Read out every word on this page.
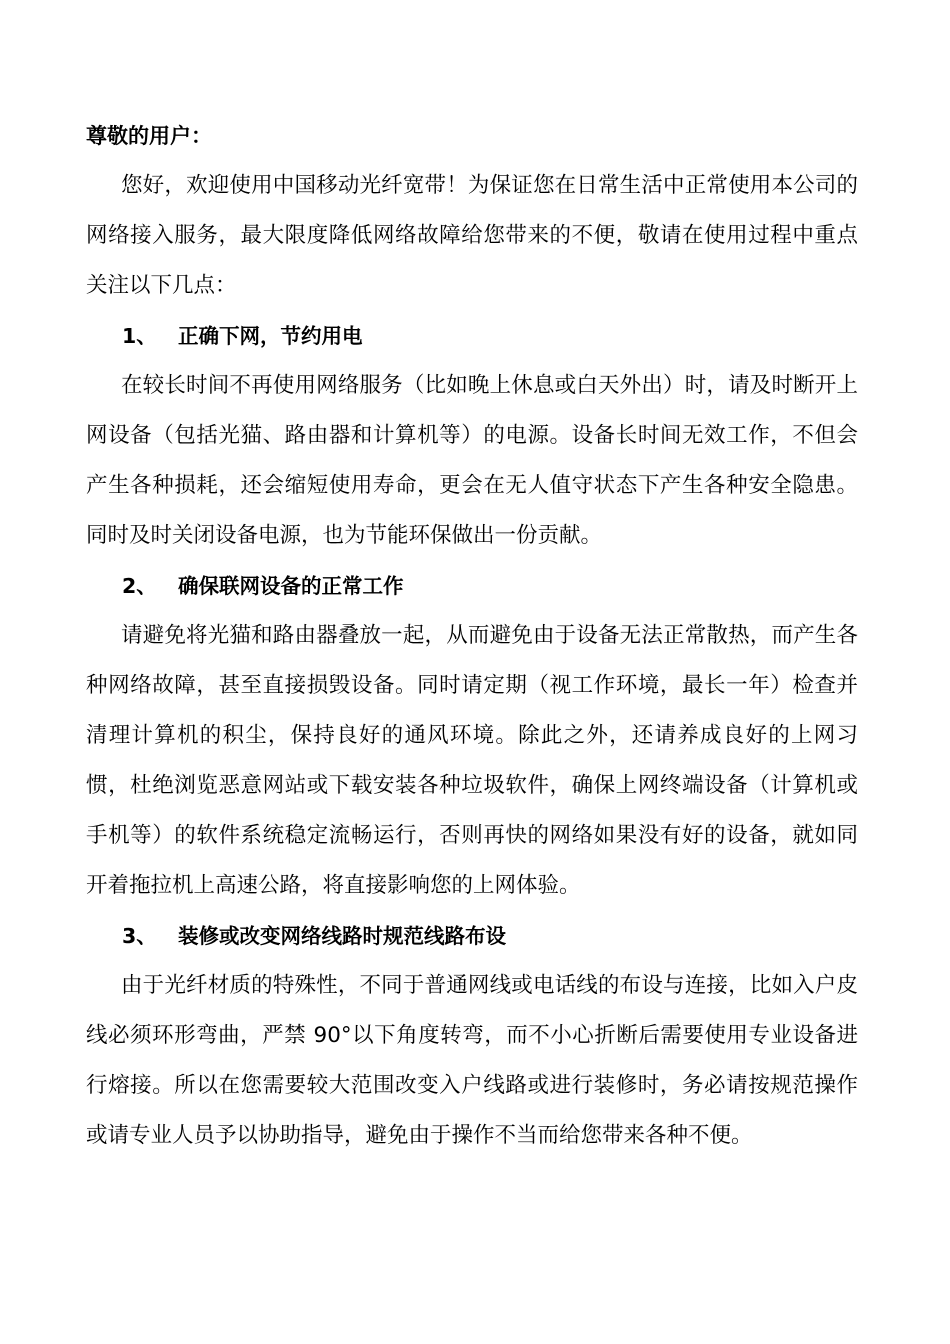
尊敬的用户：

您好，欢迎使用中国移动光纤宽带！为保证您在日常生活中正常使用本公司的网络接入服务，最大限度降低网络故障给您带来的不便，敬请在使用过程中重点关注以下几点：

1、 正确下网，节约用电

在较长时间不再使用网络服务（比如晚上休息或白天外出）时，请及时断开上网设备（包括光猫、路由器和计算机等）的电源。设备长时间无效工作，不但会产生各种损耗，还会缩短使用寿命，更会在无人值守状态下产生各种安全隐患。同时及时关闭设备电源，也为节能环保做出一份贡献。

2、 确保联网设备的正常工作

请避免将光猫和路由器叠放一起，从而避免由于设备无法正常散热，而产生各种网络故障，甚至直接损毁设备。同时请定期（视工作环境，最长一年）检查并清理计算机的积尘，保持良好的通风环境。除此之外，还请养成良好的上网习惯，杜绝浏览恶意网站或下载安装各种垃圾软件，确保上网终端设备（计算机或手机等）的软件系统稳定流畅运行，否则再快的网络如果没有好的设备，就如同开着拖拉机上高速公路，将直接影响您的上网体验。

3、 装修或改变网络线路时规范线路布设

由于光纤材质的特殊性，不同于普通网线或电话线的布设与连接，比如入户皮线必须环形弯曲，严禁 90°以下角度转弯，而不小心折断后需要使用专业设备进行熔接。所以在您需要较大范围改变入户线路或进行装修时，务必请按规范操作或请专业人员予以协助指导，避免由于操作不当而给您带来各种不便。
